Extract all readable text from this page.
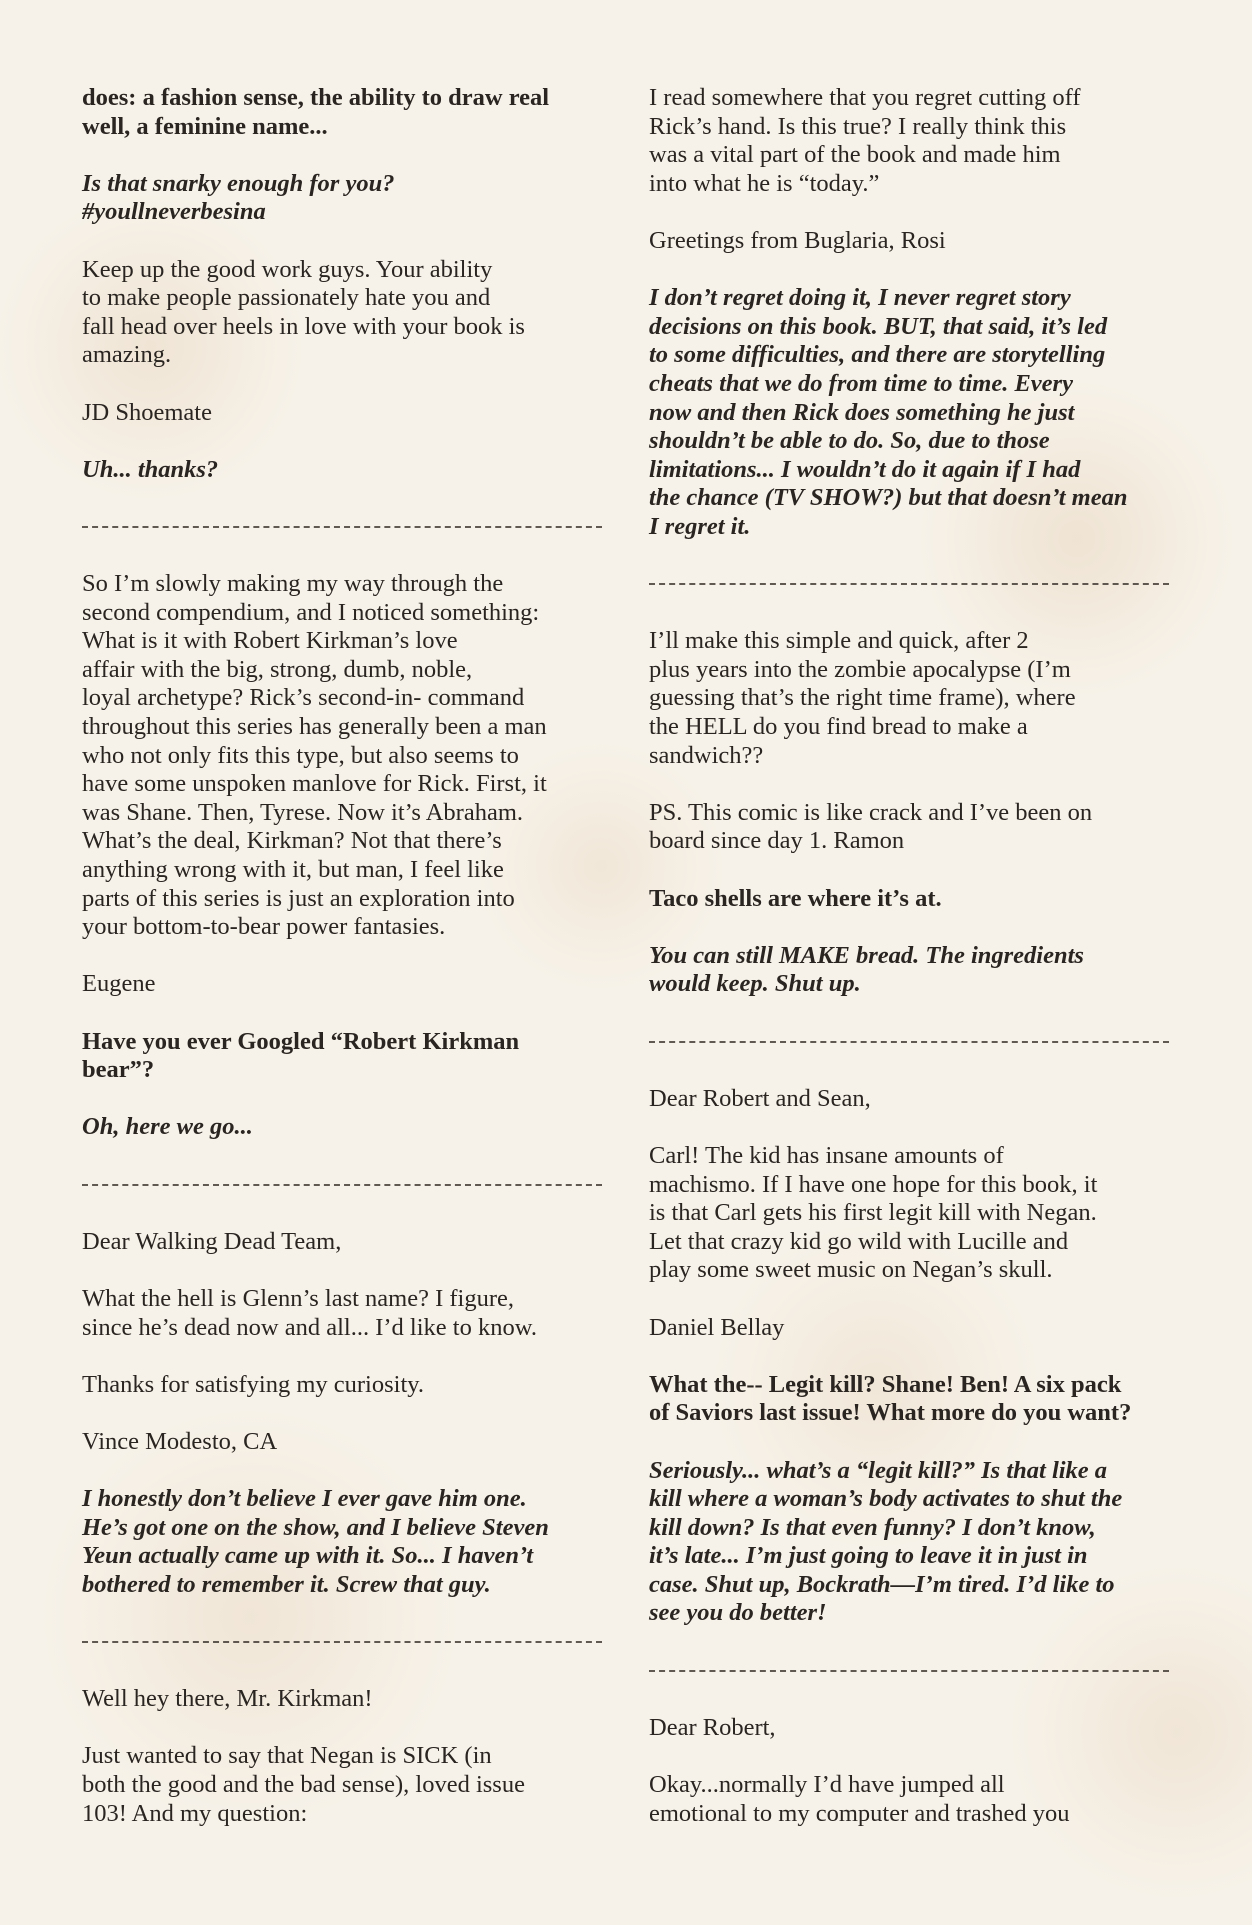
does: a fashion sense, the ability to draw real
well, a feminine name...

Is that snarky enough for you?
#youllneverbesina

Keep up the good work guys. Your ability
to make people passionately hate you and
fall head over heels in love with your book is
amazing.

JD Shoemate

Uh... thanks?

So I’m slowly making my way through the
second compendium, and I noticed something:
What is it with Robert Kirkman’s love
affair with the big, strong, dumb, noble,
loyal archetype? Rick’s second-in- command
throughout this series has generally been a man
who not only fits this type, but also seems to
have some unspoken manlove for Rick. First, it
was Shane. Then, Tyrese. Now it’s Abraham.
What’s the deal, Kirkman? Not that there’s
anything wrong with it, but man, I feel like
parts of this series is just an exploration into
your bottom-to-bear power fantasies.

Eugene

Have you ever Googled “Robert Kirkman
bear”?

Oh, here we go...

Dear Walking Dead Team,

What the hell is Glenn’s last name? I figure,
since he’s dead now and all... I’d like to know.

Thanks for satisfying my curiosity.

Vince Modesto, CA

I honestly don’t believe I ever gave him one.
He’s got one on the show, and I believe Steven
Yeun actually came up with it. So... I haven’t
bothered to remember it. Screw that guy.

Well hey there, Mr. Kirkman!

Just wanted to say that Negan is SICK (in
both the good and the bad sense), loved issue
103! And my question:

I read somewhere that you regret cutting off
Rick’s hand. Is this true? I really think this
was a vital part of the book and made him
into what he is “today.”

Greetings from Buglaria, Rosi

I don’t regret doing it, I never regret story
decisions on this book. BUT, that said, it’s led
to some difficulties, and there are storytelling
cheats that we do from time to time. Every
now and then Rick does something he just
shouldn’t be able to do. So, due to those
limitations... I wouldn’t do it again if I had
the chance (TV SHOW?) but that doesn’t mean
I regret it.

I’ll make this simple and quick, after 2
plus years into the zombie apocalypse (I’m
guessing that’s the right time frame), where
the HELL do you find bread to make a
sandwich??

PS. This comic is like crack and I’ve been on
board since day 1. Ramon

Taco shells are where it’s at.

You can still MAKE bread. The ingredients
would keep. Shut up.

Dear Robert and Sean,

Carl! The kid has insane amounts of
machismo. If I have one hope for this book, it
is that Carl gets his first legit kill with Negan.
Let that crazy kid go wild with Lucille and
play some sweet music on Negan’s skull.

Daniel Bellay

What the-- Legit kill? Shane! Ben! A six pack
of Saviors last issue! What more do you want?

Seriously... what’s a “legit kill?” Is that like a
kill where a woman’s body activates to shut the
kill down? Is that even funny? I don’t know,
it’s late... I’m just going to leave it in just in
case. Shut up, Bockrath—I’m tired. I’d like to
see you do better!

Dear Robert,

Okay...normally I’d have jumped all
emotional to my computer and trashed you
